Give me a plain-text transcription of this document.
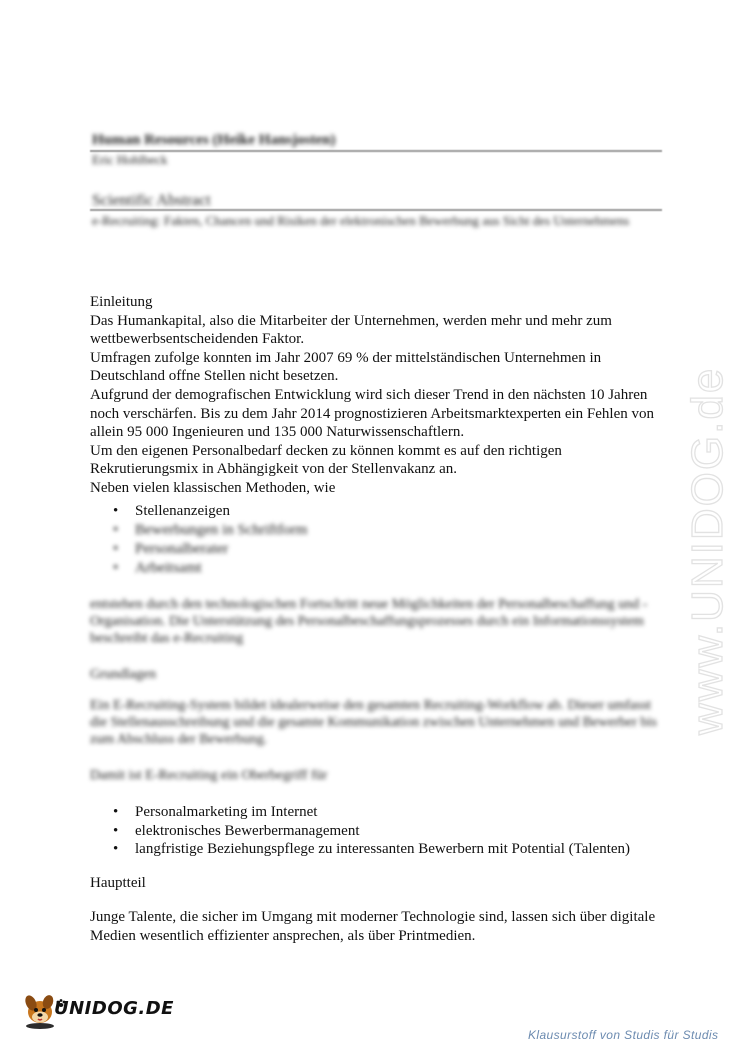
Human Resources (Heike Hansjosten)
Eric Hohlbeck
Scientific Abstract
e-Recruiting: Fakten, Chancen und Risiken der elektronischen Bewerbung aus Sicht des Unternehmens

Einleitung

Das Humankapital, also die Mitarbeiter der Unternehmen, werden mehr und mehr zum wettbewerbsentscheidenden Faktor.

Umfragen zufolge konnten im Jahr 2007 69 % der mittelständischen Unternehmen in Deutschland offne Stellen nicht besetzen.

Aufgrund der demografischen Entwicklung wird sich dieser Trend in den nächsten 10 Jahren noch verschärfen. Bis zu dem Jahr 2014 prognostizieren Arbeitsmarktexperten ein Fehlen von allein 95 000 Ingenieuren und 135 000 Naturwissenschaftlern.

Um den eigenen Personalbedarf decken zu können kommt es auf den richtigen Rekrutierungsmix in Abhängigkeit von der Stellenvakanz an.

Neben vielen klassischen Methoden, wie

• Stellenanzeigen
• Bewerbungen in Schriftform
• Personalberater
• Arbeitsamt
entstehen durch den technologischen Fortschritt neue Möglichkeiten der Personalbeschaffung und -Organisation. Die Unterstützung des Personalbeschaffungsprozesses durch ein Informationssystem beschreibt das e-Recruiting
Grundlagen
Ein E-Recruiting-System bildet idealerweise den gesamten Recruiting-Workflow ab. Dieser umfasst die Stellenausschreibung und die gesamte Kommunikation zwischen Unternehmen und Bewerber bis zum Abschluss der Bewerbung.
Damit ist E-Recruiting ein Oberbegriff für
• Personalmarketing im Internet
• elektronisches Bewerbermanagement
• langfristige Beziehungspflege zu interessanten Bewerbern mit Potential (Talenten)
Hauptteil
Junge Talente, die sicher im Umgang mit moderner Technologie sind, lassen sich über digitale Medien wesentlich effizienter ansprechen, als über Printmedien.
www.UNIDOG.de
UNIDOG.DE
Klausurstoff von Studis für Studis
